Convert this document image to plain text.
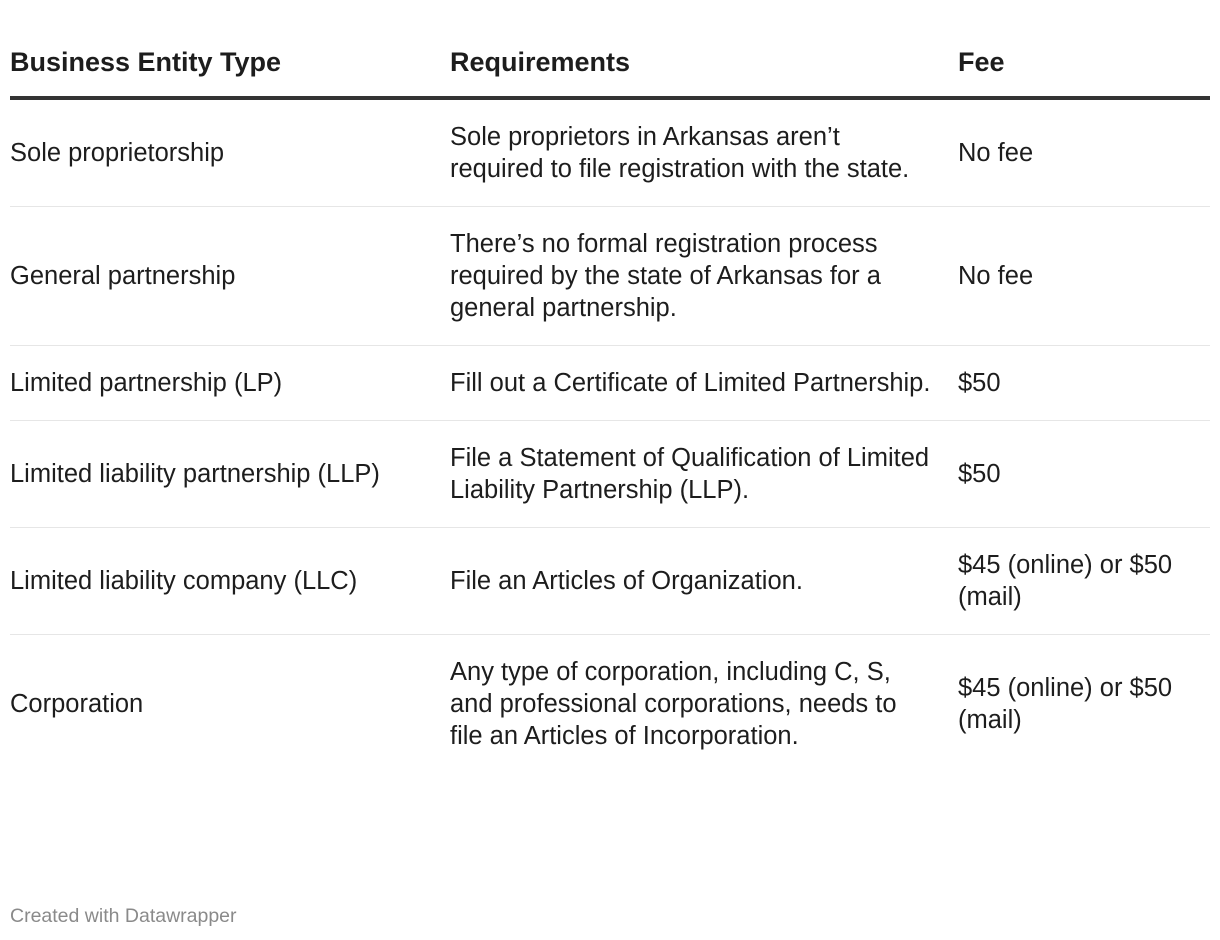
Business Entity Type	Requirements	Fee
Sole proprietorship	Sole proprietors in Arkansas aren’t required to file registration with the state.	No fee
General partnership	There’s no formal registration process required by the state of Arkansas for a general partnership.	No fee
Limited partnership (LP)	Fill out a Certificate of Limited Partnership.	$50
Limited liability partnership (LLP)	File a Statement of Qualification of Limited Liability Partnership (LLP).	$50
Limited liability company (LLC)	File an Articles of Organization.	$45 (online) or $50 (mail)
Corporation	Any type of corporation, including C, S, and professional corporations, needs to file an Articles of Incorporation.	$45 (online) or $50 (mail)
Created with Datawrapper
